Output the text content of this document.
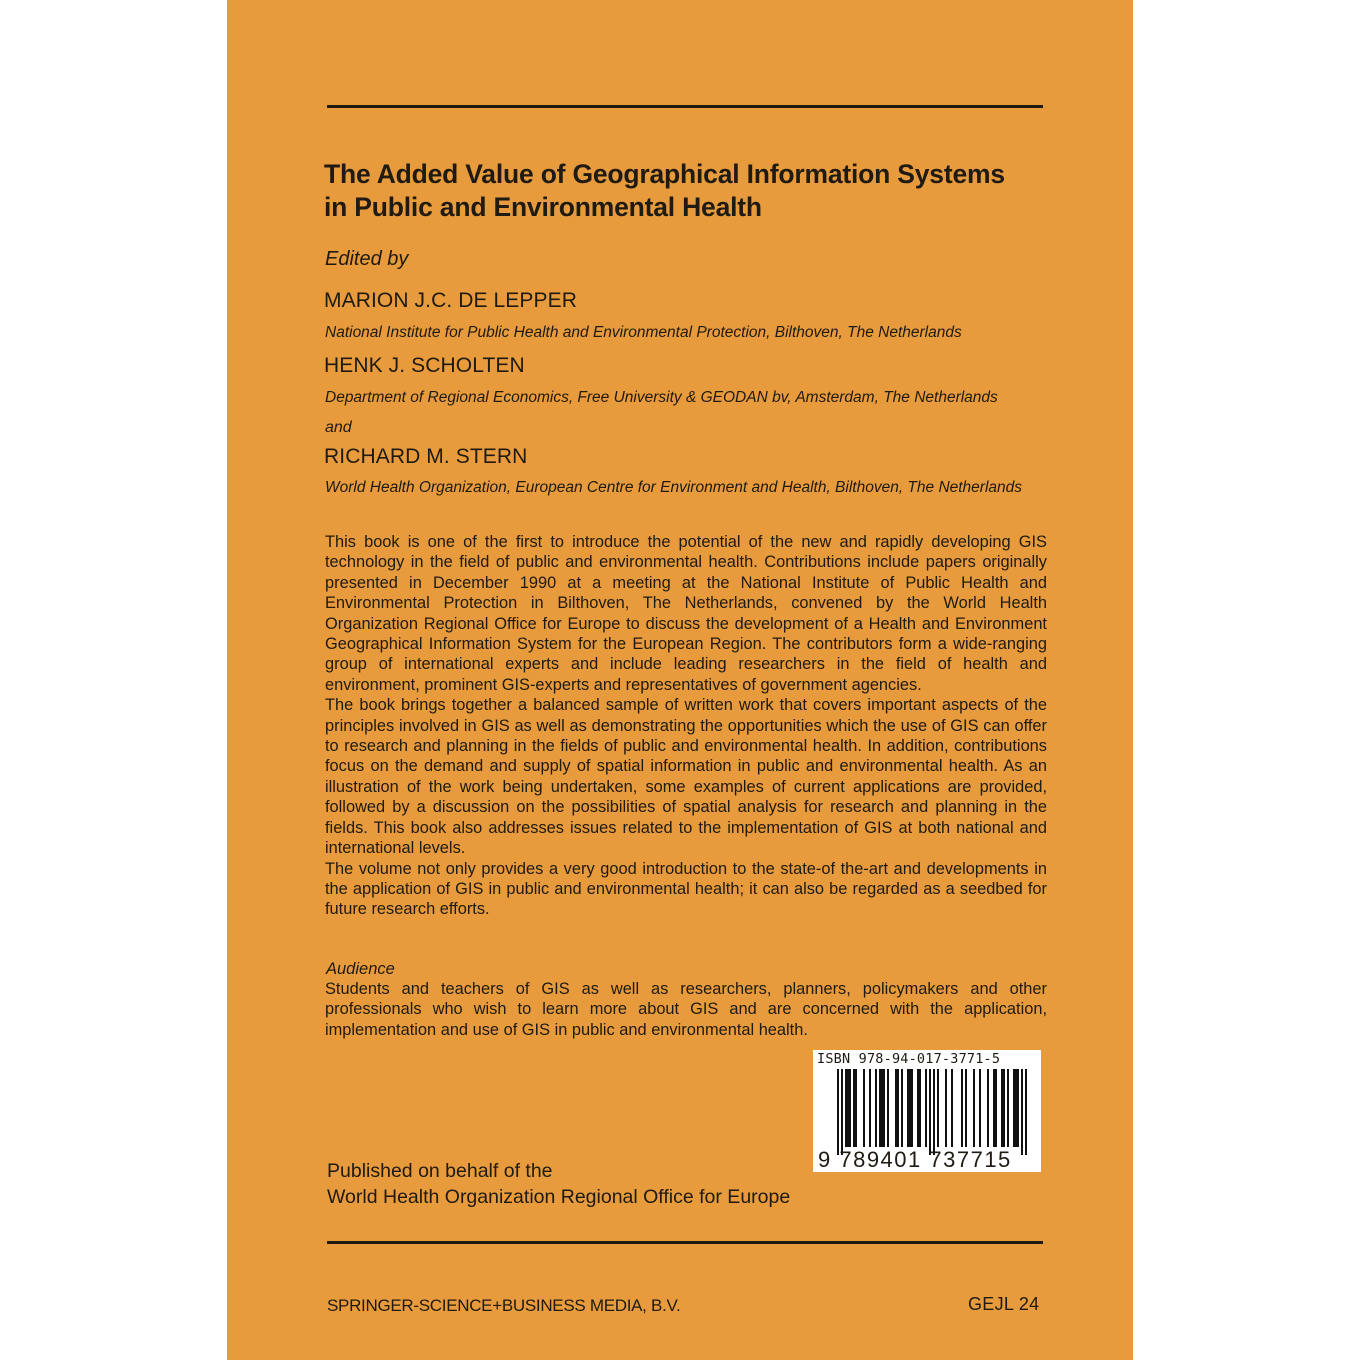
The Added Value of Geographical Information Systems
in Public and Environmental Health
Edited by
MARION J.C. DE LEPPER
National Institute for Public Health and Environmental Protection, Bilthoven, The Netherlands
HENK J. SCHOLTEN
Department of Regional Economics, Free University & GEODAN bv, Amsterdam, The Netherlands
and
RICHARD M. STERN
World Health Organization, European Centre for Environment and Health, Bilthoven, The Netherlands

This book is one of the first to introduce the potential of the new and rapidly developing GIS technology in the field of public and environmental health. Contributions include papers originally presented in December 1990 at a meeting at the National Institute of Public Health and Environmental Protection in Bilthoven, The Netherlands, convened by the World Health Organization Regional Office for Europe to discuss the development of a Health and Environment Geographical Information System for the European Region. The contributors form a wide-ranging group of international experts and include leading researchers in the field of health and environment, prominent GIS-experts and representatives of government agencies.

The book brings together a balanced sample of written work that covers important aspects of the principles involved in GIS as well as demonstrating the opportunities which the use of GIS can offer to research and planning in the fields of public and environmental health. In addition, contributions focus on the demand and supply of spatial information in public and environmental health. As an illustration of the work being undertaken, some examples of current applications are provided, followed by a discussion on the possibilities of spatial analysis for research and planning in the fields. This book also addresses issues related to the implementation of GIS at both national and international levels.

The volume not only provides a very good introduction to the state-of the-art and developments in the application of GIS in public and environmental health; it can also be regarded as a seedbed for future research efforts.

Audience

Students and teachers of GIS as well as researchers, planners, policymakers and other professionals who wish to learn more about GIS and are concerned with the application, implementation and use of GIS in public and environmental health.

ISBN 978-94-017-3771-5
9 789401 737715
Published on behalf of the
World Health Organization Regional Office for Europe
SPRINGER-SCIENCE+BUSINESS MEDIA, B.V.	GEJL 24
